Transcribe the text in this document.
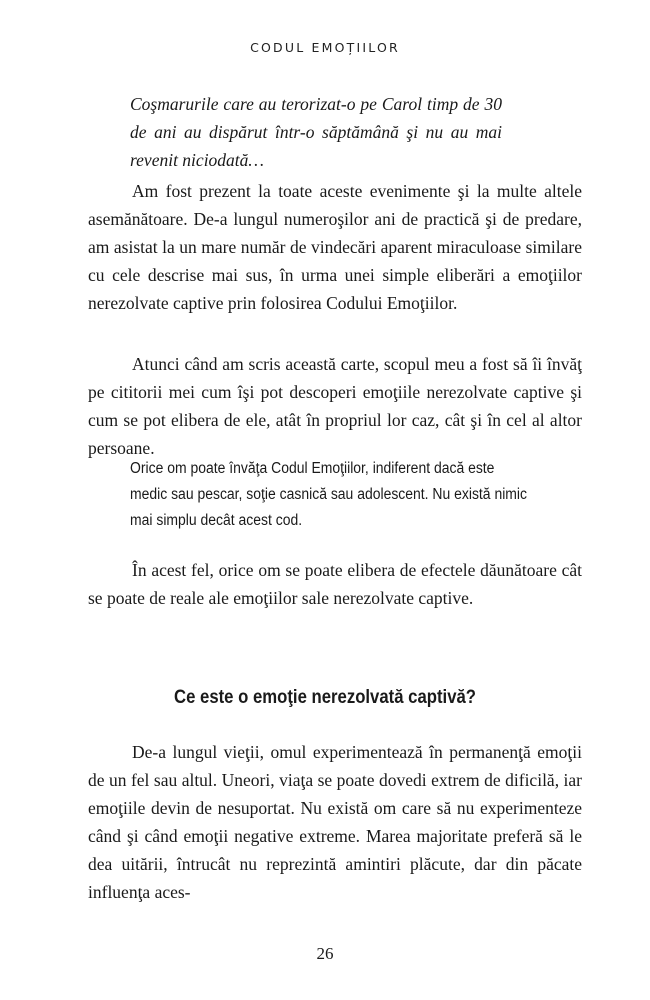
CODUL EMOȚIILOR
Coşmarurile care au terorizat-o pe Carol timp de 30 de ani au dispărut într-o săptămână şi nu au mai revenit niciodată…

Am fost prezent la toate aceste evenimente şi la multe altele asemănătoare. De-a lungul numeroşilor ani de practică şi de predare, am asistat la un mare număr de vindecări aparent miraculoase similare cu cele descrise mai sus, în urma unei simple eliberări a emoţiilor nerezolvate captive prin folosirea Codului Emoţiilor.

Atunci când am scris această carte, scopul meu a fost să îi învăţ pe cititorii mei cum îşi pot descoperi emoţiile nerezolvate captive şi cum se pot elibera de ele, atât în propriul lor caz, cât şi în cel al altor persoane.

Orice om poate învăţa Codul Emoţiilor, indiferent dacă este medic sau pescar, soţie casnică sau adolescent. Nu există nimic mai simplu decât acest cod.

În acest fel, orice om se poate elibera de efectele dăunătoare cât se poate de reale ale emoţiilor sale nerezolvate captive.

Ce este o emoţie nerezolvată captivă?

De-a lungul vieţii, omul experimentează în permanenţă emoţii de un fel sau altul. Uneori, viaţa se poate dovedi extrem de dificilă, iar emoţiile devin de nesuportat. Nu există om care să nu experimenteze când şi când emoţii negative extreme. Marea majoritate preferă să le dea uitării, întrucât nu reprezintă amintiri plăcute, dar din păcate influenţa aces-

26
